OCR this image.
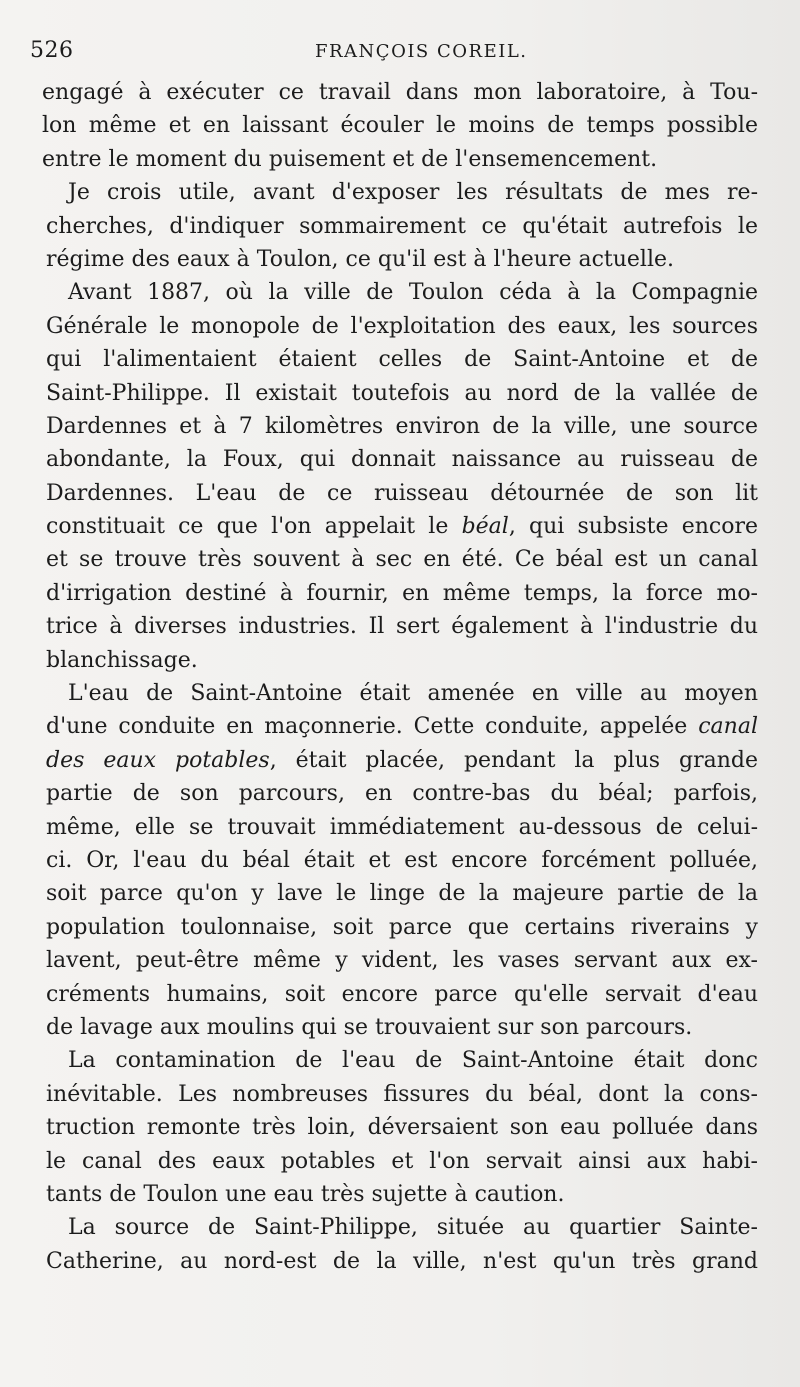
526	FRANÇOIS COREIL.
engagé à exécuter ce travail dans mon laboratoire, à Tou-
lon même et en laissant écouler le moins de temps possible
entre le moment du puisement et de l'ensemencement.
Je crois utile, avant d'exposer les résultats de mes re-
cherches, d'indiquer sommairement ce qu'était autrefois le
régime des eaux à Toulon, ce qu'il est à l'heure actuelle.
Avant 1887, où la ville de Toulon céda à la Compagnie
Générale le monopole de l'exploitation des eaux, les sources
qui l'alimentaient étaient celles de Saint-Antoine et de
Saint-Philippe. Il existait toutefois au nord de la vallée de
Dardennes et à 7 kilomètres environ de la ville, une source
abondante, la Foux, qui donnait naissance au ruisseau de
Dardennes. L'eau de ce ruisseau détournée de son lit
constituait ce que l'on appelait le béal, qui subsiste encore
et se trouve très souvent à sec en été. Ce béal est un canal
d'irrigation destiné à fournir, en même temps, la force mo-
trice à diverses industries. Il sert également à l'industrie du
blanchissage.
L'eau de Saint-Antoine était amenée en ville au moyen
d'une conduite en maçonnerie. Cette conduite, appelée canal
des eaux potables, était placée, pendant la plus grande
partie de son parcours, en contre-bas du béal; parfois,
même, elle se trouvait immédiatement au-dessous de celui-
ci. Or, l'eau du béal était et est encore forcément polluée,
soit parce qu'on y lave le linge de la majeure partie de la
population toulonnaise, soit parce que certains riverains y
lavent, peut-être même y vident, les vases servant aux ex-
créments humains, soit encore parce qu'elle servait d'eau
de lavage aux moulins qui se trouvaient sur son parcours.
La contamination de l'eau de Saint-Antoine était donc
inévitable. Les nombreuses fissures du béal, dont la cons-
truction remonte très loin, déversaient son eau polluée dans
le canal des eaux potables et l'on servait ainsi aux habi-
tants de Toulon une eau très sujette à caution.
La source de Saint-Philippe, située au quartier Sainte-
Catherine, au nord-est de la ville, n'est qu'un très grand
